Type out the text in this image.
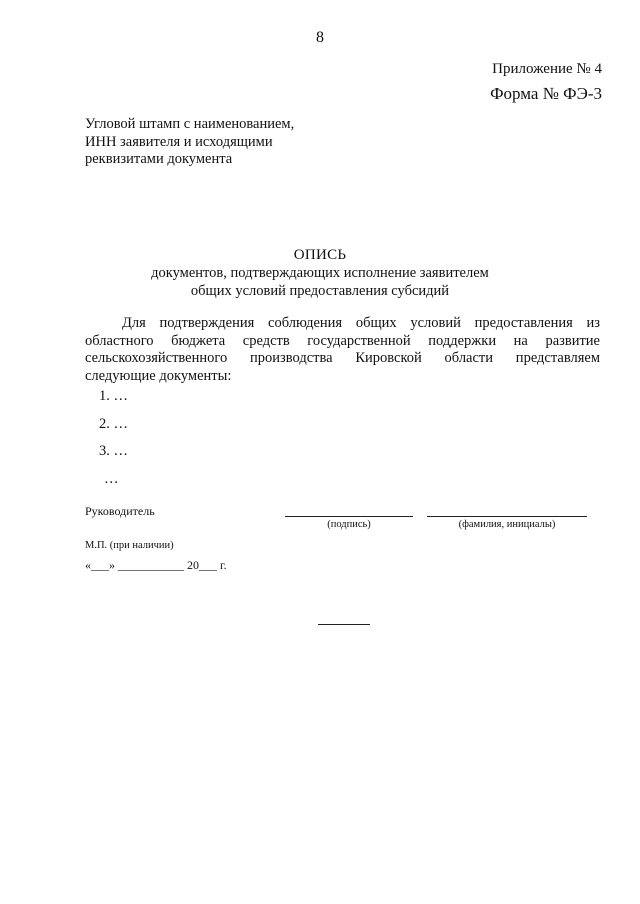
8
Приложение № 4
Форма № ФЭ-3
Угловой штамп с наименованием,
ИНН заявителя и исходящими
реквизитами документа
ОПИСЬ
документов, подтверждающих исполнение заявителем
общих условий предоставления субсидий
Для подтверждения соблюдения общих условий предоставления из
областного бюджета средств государственной поддержки на развитие
сельскохозяйственного производства Кировской области представляем
следующие документы:
1. …
2. …
3. …
…
Руководитель
(подпись)	(фамилия, инициалы)
М.П. (при наличии)
«___» ___________ 20___ г.
